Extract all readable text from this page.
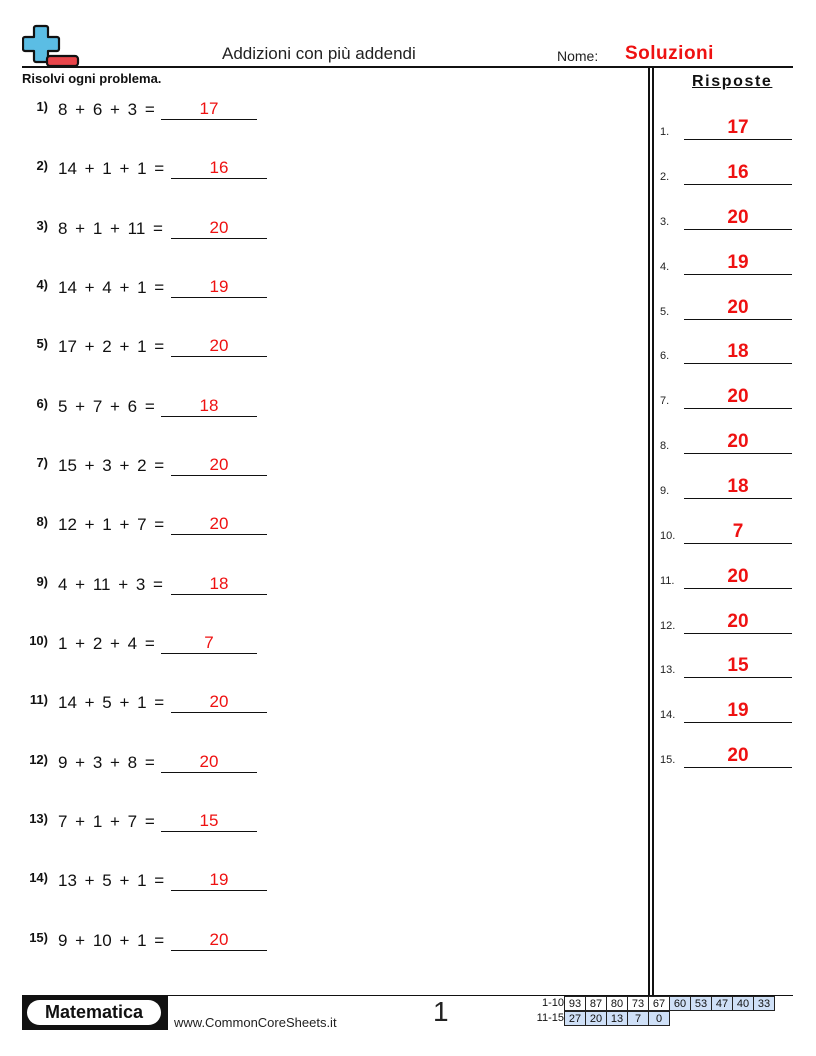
Addizioni con più addendi	Nome: Soluzioni
Risolvi ogni problema.	Risposte
1) 8 + 6 + 3 =	17
2) 14 + 1 + 1 =	16
3) 8 + 1 + 11 =	20
4) 14 + 4 + 1 =	19
5) 17 + 2 + 1 =	20
6) 5 + 7 + 6 =	18
7) 15 + 3 + 2 =	20
8) 12 + 1 + 7 =	20
9) 4 + 11 + 3 =	18
10) 1 + 2 + 4 =	7
11) 14 + 5 + 1 =	20
12) 9 + 3 + 8 =	20
13) 7 + 1 + 7 =	15
14) 13 + 5 + 1 =	19
15) 9 + 10 + 1 =	20
1.	17
2.	16
3.	20
4.	19
5.	20
6.	18
7.	20
8.	20
9.	18
10.	7
11.	20
12.	20
13.	15
14.	19
15.	20
Matematica
www.CommonCoreSheets.it	1	1-10 93 87 80 73 67 60 53 47 40 33
11-15 27 20 13	7	0
